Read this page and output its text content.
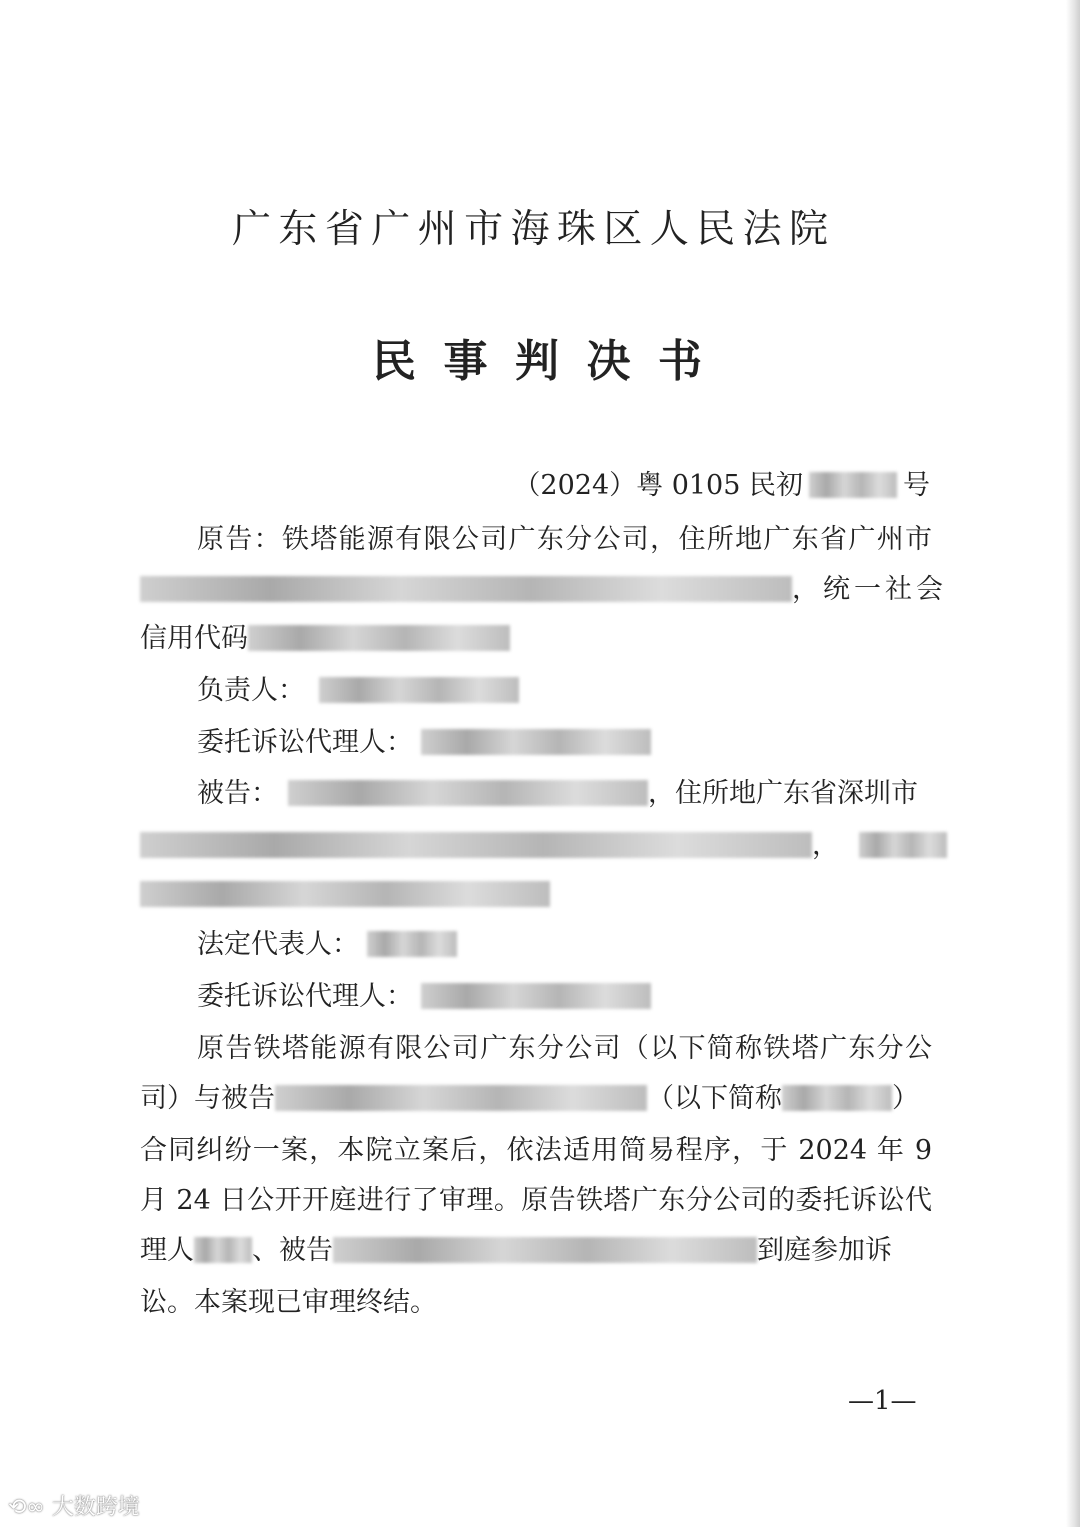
广东省广州市海珠区人民法院
民事判决书
（2024）粤 0105 民初	号
原告：铁塔能源有限公司广东分公司，住所地广东省广州市
，统一社会
信用代码
负责人：
委托诉讼代理人：
被告：	，住所地广东省深圳市
，
法定代表人：
委托诉讼代理人：
原告铁塔能源有限公司广东分公司（以下简称铁塔广东分公
司）与被告	（以下简称	）
合同纠纷一案，本院立案后，依法适用简易程序，于 2024 年 9
月 24 日公开开庭进行了审理。原告铁塔广东分公司的委托诉讼代
理人 、被告	到庭参加诉
讼。本案现已审理终结。
—1—
⟲∞ 大数跨境
